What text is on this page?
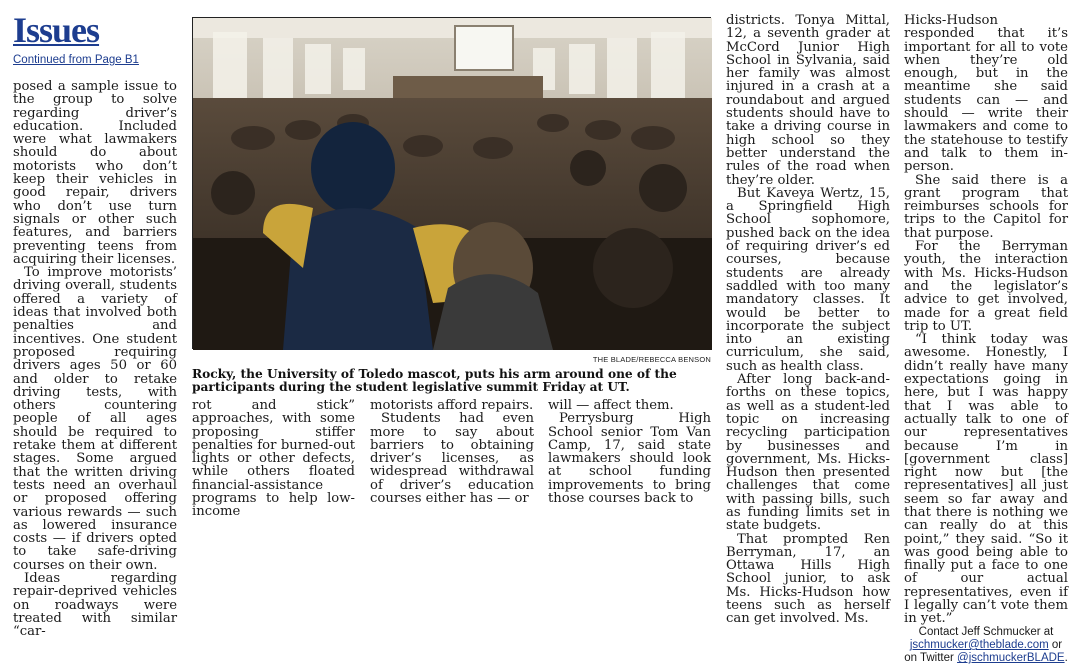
Issues
Continued from Page B1

posed a sample issue to the group to solve regarding driver’s education. Included were what lawmakers should do about motorists who don’t keep their vehicles in good repair, drivers who don’t use turn signals or other such features, and barriers preventing teens from acquiring their licenses.

To improve motorists’ driving overall, students offered a variety of ideas that involved both penalties and incentives. One student proposed requiring drivers ages 50 or 60 and older to retake driving tests, with others countering people of all ages should be required to retake them at different stages. Some argued that the written driving tests need an overhaul or proposed offering various rewards — such as lowered insurance costs — if drivers opted to take safe-driving courses on their own.

Ideas regarding repair-deprived vehicles on roadways were treated with similar “car-

THE BLADE/REBECCA BENSON
Rocky, the University of Toledo mascot, puts his arm around one of the participants during the student legislative summit Friday at UT.

rot and stick” approaches, with some proposing stiffer penalties for burned-out lights or other defects, while others floated financial-assistance programs to help low-income

motorists afford repairs.

Students had even more to say about barriers to obtaining driver’s licenses, as widespread withdrawal of driver’s education courses either has — or

will — affect them.

Perrysburg High School senior Tom Van Camp, 17, said state lawmakers should look at school funding improvements to bring those courses back to

districts. Tonya Mittal, 12, a seventh grader at McCord Junior High School in Sylvania, said her family was almost injured in a crash at a roundabout and argued students should have to take a driving course in high school so they better understand the rules of the road when they’re older.

But Kaveya Wertz, 15, a Springfield High School sophomore, pushed back on the idea of requiring driver’s ed courses, because students are already saddled with too many mandatory classes. It would be better to incorporate the subject into an existing curriculum, she said, such as health class.

After long back-and-forths on these topics, as well as a student-led topic on increasing recycling participation by businesses and government, Ms. Hicks-Hudson then presented challenges that come with passing bills, such as funding limits set in state budgets.

That prompted Ren Berryman, 17, an Ottawa Hills High School junior, to ask Ms. Hicks-Hudson how teens such as herself can get involved. Ms.

Hicks-Hudson responded that it’s important for all to vote when they’re old enough, but in the meantime she said students can — and should — write their lawmakers and come to the statehouse to testify and talk to them in-person.

She said there is a grant program that reimburses schools for trips to the Capitol for that purpose.

For the Berryman youth, the interaction with Ms. Hicks-Hudson and the legislator’s advice to get involved, made for a great field trip to UT.

“I think today was awesome. Honestly, I didn’t really have many expectations going in here, but I was happy that I was able to actually talk to one of our representatives because I’m in [government class] right now but [the representatives] all just seem so far away and that there is nothing we can really do at this point,” they said. “So it was good being able to finally put a face to one of our actual representatives, even if I legally can’t vote them in yet.”

Contact Jeff Schmucker at
jschmucker@theblade.com or
on Twitter @jschmuckerBLADE.
